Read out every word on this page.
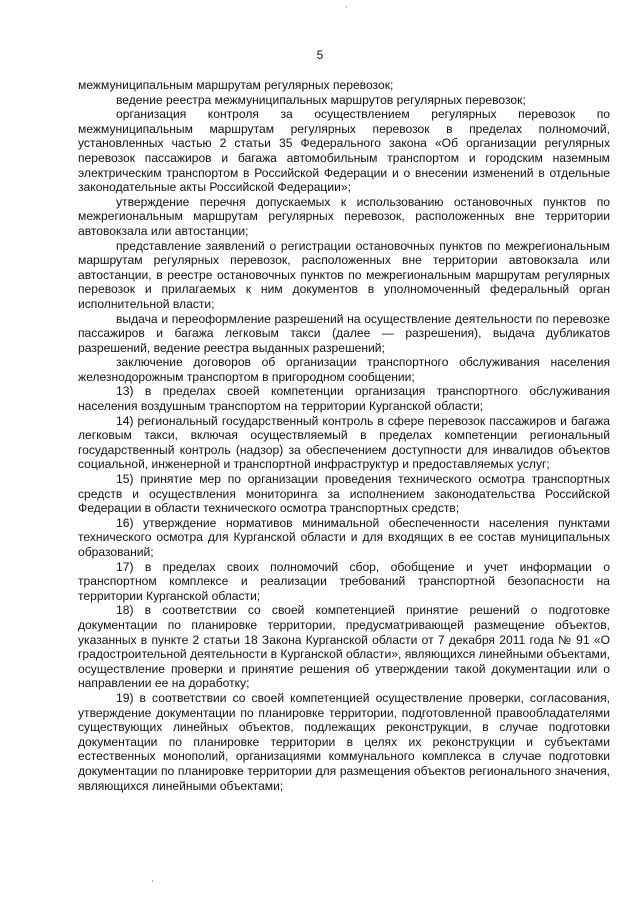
5

межмуниципальным маршрутам регулярных перевозок;

ведение реестра межмуниципальных маршрутов регулярных перевозок;

организация контроля за осуществлением регулярных перевозок по межмуниципальным маршрутам регулярных перевозок в пределах полномочий, установленных частью 2 статьи 35 Федерального закона «Об организации регулярных перевозок пассажиров и багажа автомобильным транспортом и городским наземным электрическим транспортом в Российской Федерации и о внесении изменений в отдельные законодательные акты Российской Федерации»;

утверждение перечня допускаемых к использованию остановочных пунктов по межрегиональным маршрутам регулярных перевозок, расположенных вне территории автовокзала или автостанции;

представление заявлений о регистрации остановочных пунктов по межрегиональным маршрутам регулярных перевозок, расположенных вне территории автовокзала или автостанции, в реестре остановочных пунктов по межрегиональным маршрутам регулярных перевозок и прилагаемых к ним документов в уполномоченный федеральный орган исполнительной власти;

выдача и переоформление разрешений на осуществление деятельности по перевозке пассажиров и багажа легковым такси (далее — разрешения), выдача дубликатов разрешений, ведение реестра выданных разрешений;

заключение договоров об организации транспортного обслуживания населения железнодорожным транспортом в пригородном сообщении;

13) в пределах своей компетенции организация транспортного обслуживания населения воздушным транспортом на территории Курганской области;

14) региональный государственный контроль в сфере перевозок пассажиров и багажа легковым такси, включая осуществляемый в пределах компетенции региональный государственный контроль (надзор) за обеспечением доступности для инвалидов объектов социальной, инженерной и транспортной инфраструктур и предоставляемых услуг;

15) принятие мер по организации проведения технического осмотра транспортных средств и осуществления мониторинга за исполнением законодательства Российской Федерации в области технического осмотра транспортных средств;

16) утверждение нормативов минимальной обеспеченности населения пунктами технического осмотра для Курганской области и для входящих в ее состав муниципальных образований;

17) в пределах своих полномочий сбор, обобщение и учет информации о транспортном комплексе и реализации требований транспортной безопасности на территории Курганской области;

18) в соответствии со своей компетенцией принятие решений о подготовке документации по планировке территории, предусматривающей размещение объектов, указанных в пункте 2 статьи 18 Закона Курганской области от 7 декабря 2011 года № 91 «О градостроительной деятельности в Курганской области», являющихся линейными объектами, осуществление проверки и принятие решения об утверждении такой документации или о направлении ее на доработку;

19) в соответствии со своей компетенцией осуществление проверки, согласования, утверждение документации по планировке территории, подготовленной правообладателями существующих линейных объектов, подлежащих реконструкции, в случае подготовки документации по планировке территории в целях их реконструкции и субъектами естественных монополий, организациями коммунального комплекса в случае подготовки документации по планировке территории для размещения объектов регионального значения, являющихся линейными объектами;
